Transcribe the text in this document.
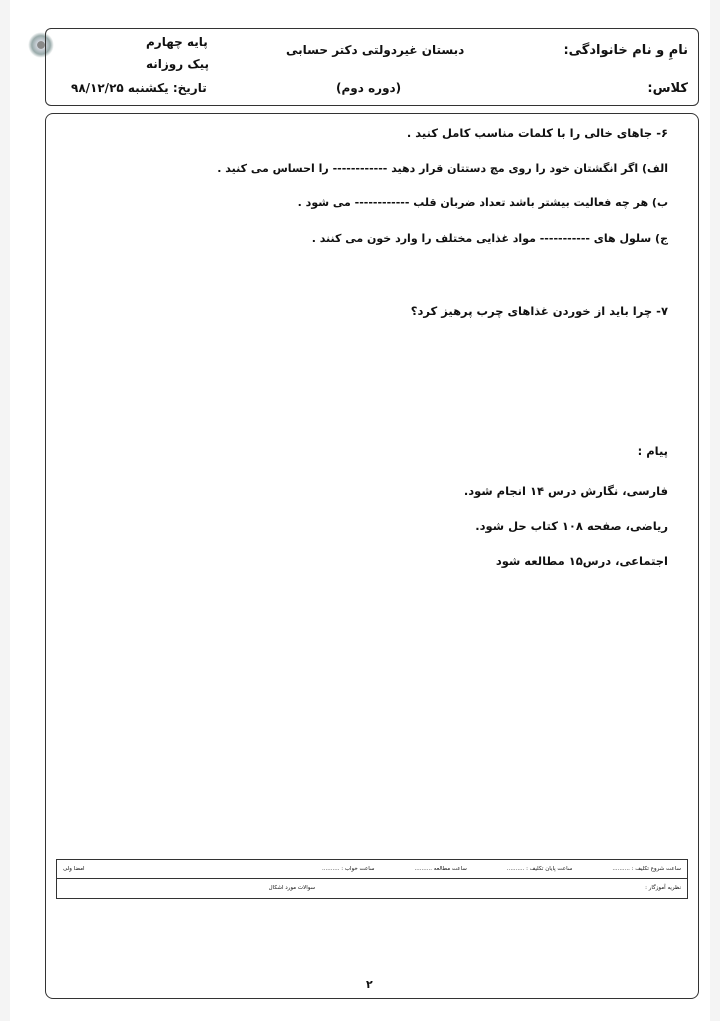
نامِ و نام خانوادگی:
کلاس:
دبستان غیردولتی دکتر حسابی
(دوره دوم)
پایه چهارم
پیک روزانه
تاریخ: یکشنبه ۹۸/۱۲/۲۵
۶- جاهای خالی را با کلمات مناسب کامل کنید .
الف) اگر انگشتان خود را روی مچ دستتان قرار دهید ------------ را احساس می کنید .
ب) هر چه فعالیت بیشتر باشد تعداد ضربان قلب ------------ می شود .
ج) سلول های ----------- مواد غذایی مختلف را وارد خون می کنند .
۷- چرا باید از خوردن غذاهای چرب پرهیز کرد؟
پیام :
فارسی، نگارش درس ۱۴ انجام شود.
ریاضی، صفحه ۱۰۸ کتاب حل شود.
اجتماعی، درس۱۵ مطالعه شود
ساعت شروع تکلیف : ..........
ساعت پایان تکلیف : ..........
ساعت مطالعه ..........
ساعت خواب : ..........
امضا ولی
نظریه آموزگار :
سوالات مورد اشکال
۲
